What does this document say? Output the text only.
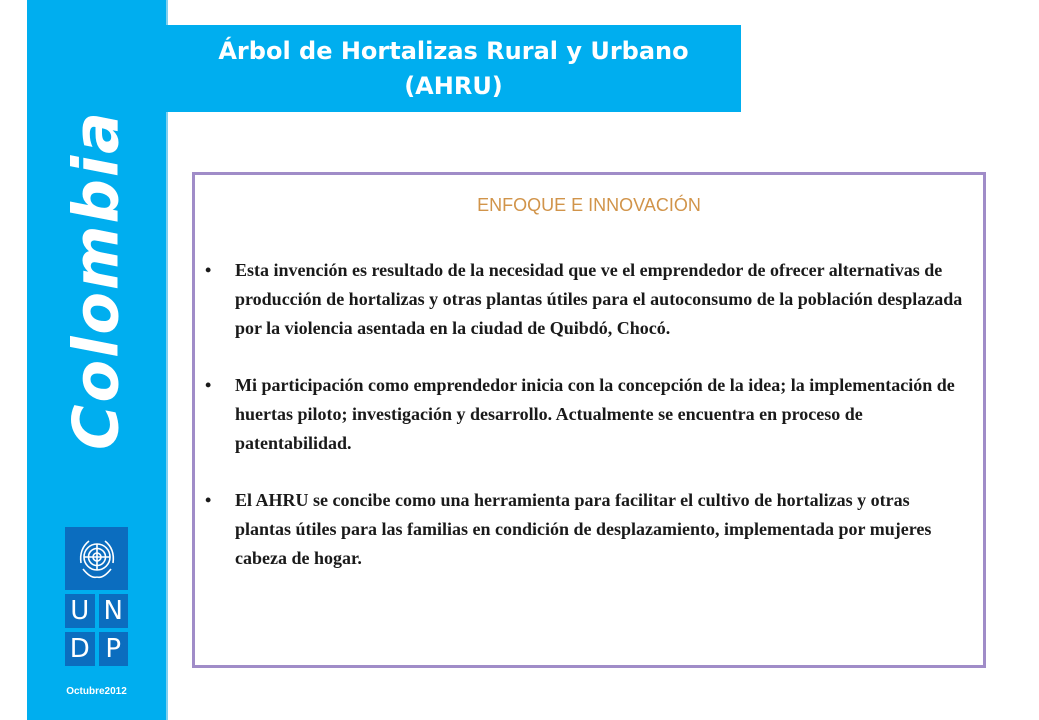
Colombia
U N
D P
Octubre2012
Árbol de Hortalizas Rural y Urbano
(AHRU)
ENFOQUE E INNOVACIÓN
•	Esta invención es resultado de la necesidad que ve el emprendedor de ofrecer alternativas de producción de hortalizas y otras plantas útiles para el autoconsumo de la población desplazada por la violencia asentada en la ciudad de Quibdó, Chocó.
•	Mi participación como emprendedor inicia con la concepción de la idea; la implementación de huertas piloto; investigación y desarrollo. Actualmente se encuentra en proceso de patentabilidad.
•	El AHRU se concibe como una herramienta para facilitar el cultivo de hortalizas y otras plantas útiles para las familias en condición de desplazamiento, implementada por mujeres cabeza de hogar.
